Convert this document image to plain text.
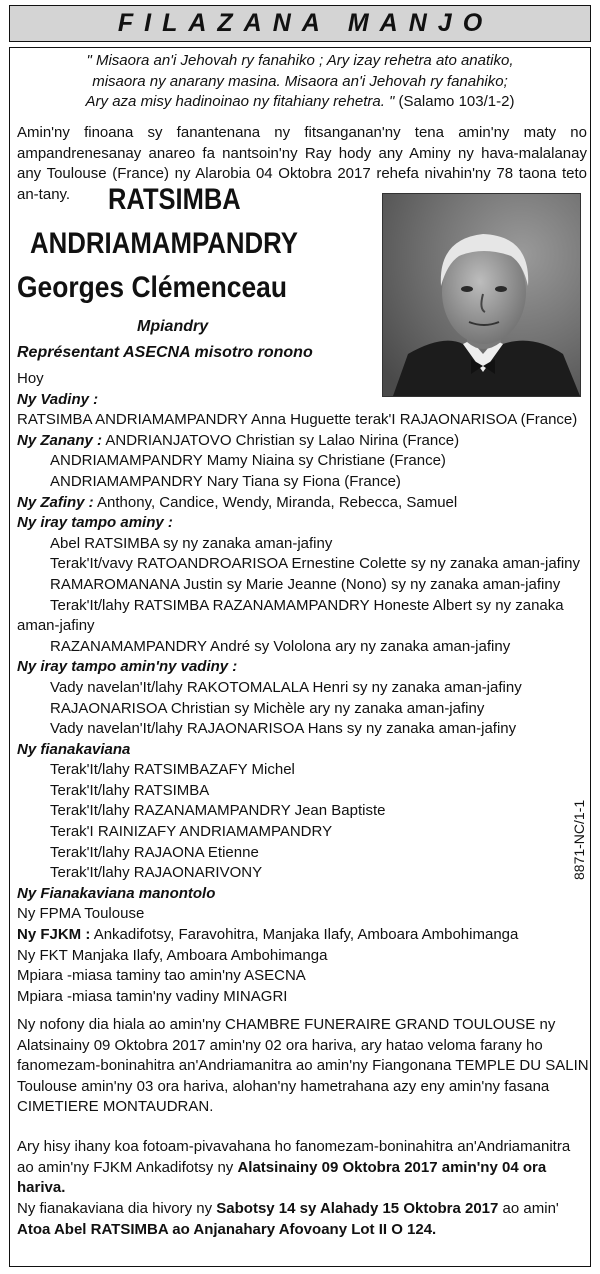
FILAZANA MANJO
" Misaora an'i Jehovah ry fanahiko ; Ary izay rehetra ato anatiko,
misaora ny anarany masina. Misaora an'i Jehovah ry fanahiko;
Ary aza misy hadinoinao ny fitahiany rehetra. " (Salamo 103/1-2)
Amin'ny finoana sy fanantenana ny fitsanganan'ny tena amin'ny maty no ampandrenesanay anareo fa nantsoin'ny Ray hody any Aminy ny hava-malalanay any Toulouse (France) ny Alarobia 04 Oktobra 2017 rehefa nivahin'ny 78 taona teto an-tany.	RATSIMBA
ANDRIAMAMPANDRY
Georges Clémenceau
Mpiandry
Représentant ASECNA misotro ronono
Hoy
Ny Vadiny :
RATSIMBA ANDRIAMAMPANDRY Anna Huguette terak'I RAJAONARISOA (France)
Ny Zanany : ANDRIANJATOVO Christian sy Lalao Nirina (France)
ANDRIAMAMPANDRY Mamy Niaina sy Christiane (France)
ANDRIAMAMPANDRY Nary Tiana sy Fiona (France)
Ny Zafiny : Anthony, Candice, Wendy, Miranda, Rebecca, Samuel
Ny iray tampo aminy :
Abel RATSIMBA sy ny zanaka aman-jafiny
Terak'It/vavy RATOANDROARISOA Ernestine Colette sy ny zanaka aman-jafiny
RAMAROMANANA Justin sy Marie Jeanne (Nono) sy ny zanaka aman-jafiny
Terak'It/lahy RATSIMBA RAZANAMAMPANDRY Honeste Albert sy ny zanaka
aman-jafiny
RAZANAMAMPANDRY André sy Vololona ary ny zanaka aman-jafiny
Ny iray tampo amin'ny vadiny :
Vady navelan'It/lahy RAKOTOMALALA Henri sy ny zanaka aman-jafiny
RAJAONARISOA Christian sy Michèle ary ny zanaka aman-jafiny
Vady navelan'It/lahy RAJAONARISOA Hans sy ny zanaka aman-jafiny
Ny fianakaviana
Terak'It/lahy RATSIMBAZAFY Michel
Terak'It/lahy RATSIMBA
Terak'It/lahy RAZANAMAMPANDRY Jean Baptiste
Terak'I RAINIZAFY ANDRIAMAMPANDRY
Terak'It/lahy RAJAONA Etienne
Terak'It/lahy RAJAONARIVONY
Ny Fianakaviana manontolo
Ny FPMA Toulouse
Ny FJKM : Ankadifotsy, Faravohitra, Manjaka Ilafy, Amboara Ambohimanga
Ny FKT Manjaka Ilafy, Amboara Ambohimanga
Mpiara -miasa taminy tao amin'ny ASECNA
Mpiara -miasa tamin'ny vadiny MINAGRI
Ny nofony dia hiala ao amin'ny CHAMBRE FUNERAIRE GRAND TOULOUSE ny
Alatsinainy 09 Oktobra 2017 amin'ny 02 ora hariva, ary hatao veloma farany ho
fanomezam-boninahitra an'Andriamanitra ao amin'ny Fiangonana TEMPLE DU SALIN
Toulouse amin'ny 03 ora hariva, alohan'ny hametrahana azy eny amin'ny fasana
CIMETIERE MONTAUDRAN.
Ary hisy ihany koa fotoam-pivavahana ho fanomezam-boninahitra an'Andriamanitra
ao amin'ny FJKM Ankadifotsy ny Alatsinainy 09 Oktobra 2017 amin'ny 04 ora
hariva.
Ny fianakaviana dia hivory ny Sabotsy 14 sy Alahady 15 Oktobra 2017 ao amin'
Atoa Abel RATSIMBA ao Anjanahary Afovoany Lot II O 124.
8871-NC/1-1
